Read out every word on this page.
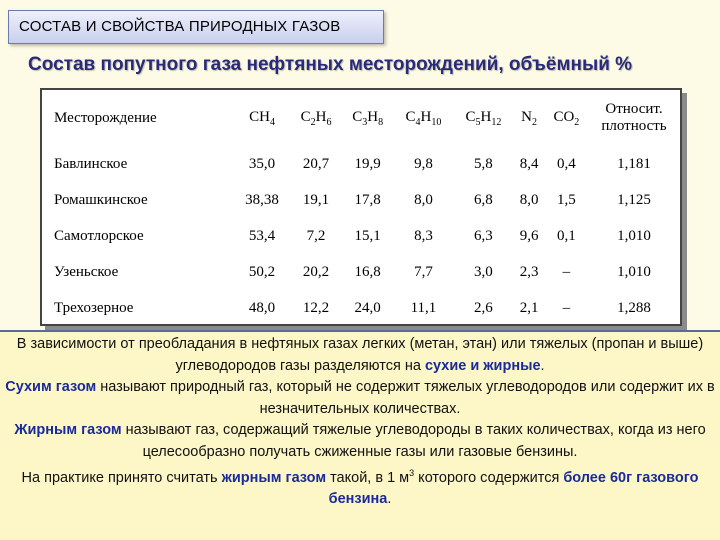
СОСТАВ И СВОЙСТВА ПРИРОДНЫХ ГАЗОВ
Состав попутного газа нефтяных месторождений, объёмный %
Месторождение	$CH_4$	$C_2H_6$	$C_3H_8$	$C_4H_{10}$	$C_5H_{12}$	$N_2$	$CO_2$	Относит. плотность
Бавлинское	35,0	20,7	19,9	9,8	5,8	8,4	0,4	1,181
Ромашкинское	38,38	19,1	17,8	8,0	6,8	8,0	1,5	1,125
Самотлорское	53,4	7,2	15,1	8,3	6,3	9,6	0,1	1,010
Узеньское	50,2	20,2	16,8	7,7	3,0	2,3	–	1,010
Трехозерное	48,0	12,2	24,0	11,1	2,6	2,1	–	1,288

В зависимости от преобладания в нефтяных газах легких (метан, этан) или тяжелых (пропан и выше) углеводородов газы разделяются на сухие и жирные.

Сухим газом называют природный газ, который не содержит тяжелых углеводородов или содержит их в незначительных количествах.

Жирным газом называют газ, содержащий тяжелые углеводороды в таких количествах, когда из него целесообразно получать сжиженные газы или газовые бензины.

На практике принято считать жирным газом такой, в 1 $м^3$ которого содержится более 60г газового бензина.
